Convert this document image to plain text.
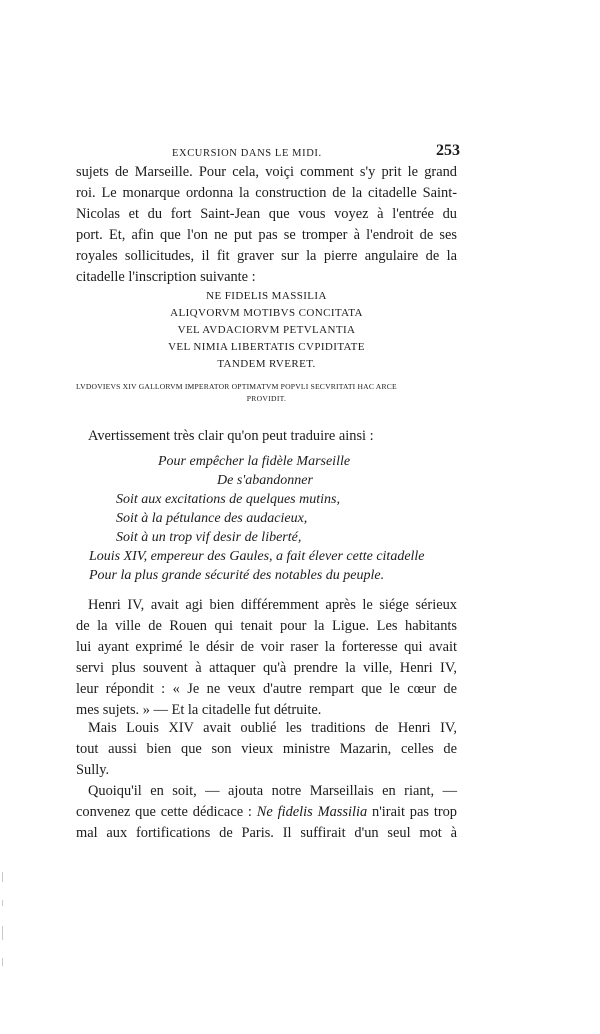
EXCURSION DANS LE MIDI.	253
sujets de Marseille. Pour cela, voiçi comment s'y prit le grand
roi. Le monarque ordonna la construction de la citadelle Saint-
Nicolas et du fort Saint-Jean que vous voyez à l'entrée du
port. Et, afin que l'on ne put pas se tromper à l'endroit de ses
royales sollicitudes, il fit graver sur la pierre angulaire de la
citadelle l'inscription suivante :
NE FIDELIS MASSILIA
ALIQVORVM MOTIBVS CONCITATA
VEL AVDACIORVM PETVLANTIA
VEL NIMIA LIBERTATIS CVPIDITATE
TANDEM RVERET.
LVDOVIEVS XIV GALLORVM IMPERATOR OPTIMATVM POPVLI SECVRITATI HAC ARCE
PROVIDIT.
Avertissement très clair qu'on peut traduire ainsi :
Pour empêcher la fidèle Marseille
De s'abandonner
Soit aux excitations de quelques mutins,
Soit à la pétulance des audacieux,
Soit à un trop vif desir de liberté,
Louis XIV, empereur des Gaules, a fait élever cette citadelle
Pour la plus grande sécurité des notables du peuple.
Henri IV, avait agi bien différemment après le siége sérieux
de la ville de Rouen qui tenait pour la Ligue. Les habitants
lui ayant exprimé le désir de voir raser la forteresse qui avait
servi plus souvent à attaquer qu'à prendre la ville, Henri IV,
leur répondit : « Je ne veux d'autre rempart que le cœur de
mes sujets. » — Et la citadelle fut détruite.
Mais Louis XIV avait oublié les traditions de Henri IV,
tout aussi bien que son vieux ministre Mazarin, celles de
Sully.
Quoiqu'il en soit, — ajouta notre Marseillais en riant, —
convenez que cette dédicace : Ne fidelis Massilia n'irait pas trop
mal aux fortifications de Paris. Il suffirait d'un seul mot à
